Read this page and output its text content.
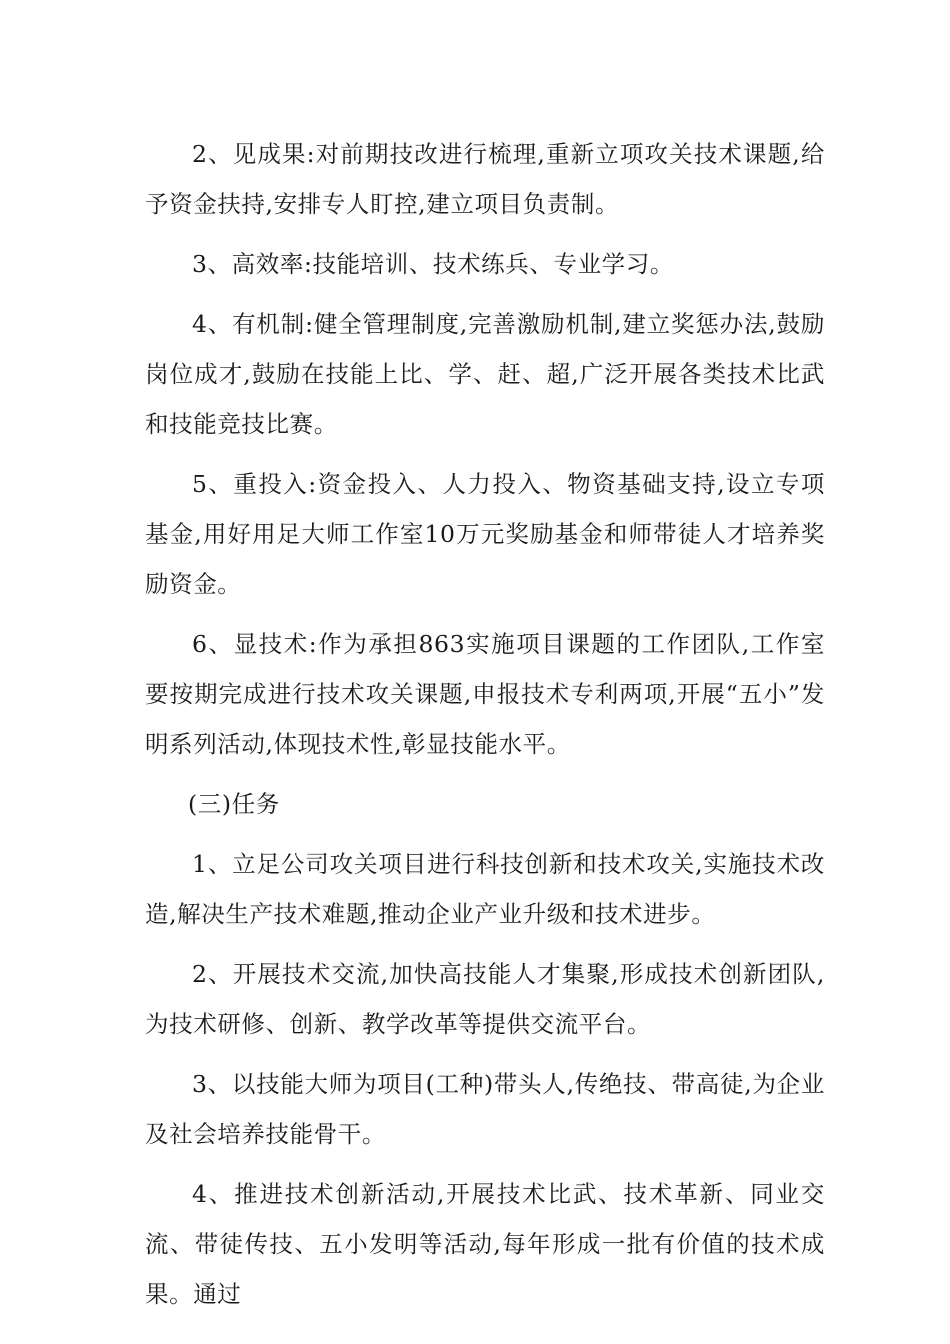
2、见成果:对前期技改进行梳理,重新立项攻关技术课题,给予资金扶持,安排专人盯控,建立项目负责制。

3、高效率:技能培训、技术练兵、专业学习。

4、有机制:健全管理制度,完善激励机制,建立奖惩办法,鼓励岗位成才,鼓励在技能上比、学、赶、超,广泛开展各类技术比武和技能竞技比赛。

5、重投入:资金投入、人力投入、物资基础支持,设立专项基金,用好用足大师工作室10万元奖励基金和师带徒人才培养奖励资金。

6、显技术:作为承担863实施项目课题的工作团队,工作室要按期完成进行技术攻关课题,申报技术专利两项,开展“五小”发明系列活动,体现技术性,彰显技能水平。

(三)任务

1、立足公司攻关项目进行科技创新和技术攻关,实施技术改造,解决生产技术难题,推动企业产业升级和技术进步。

2、开展技术交流,加快高技能人才集聚,形成技术创新团队,为技术研修、创新、教学改革等提供交流平台。

3、以技能大师为项目(工种)带头人,传绝技、带高徒,为企业及社会培养技能骨干。

4、推进技术创新活动,开展技术比武、技术革新、同业交流、带徒传技、五小发明等活动,每年形成一批有价值的技术成果。通过
